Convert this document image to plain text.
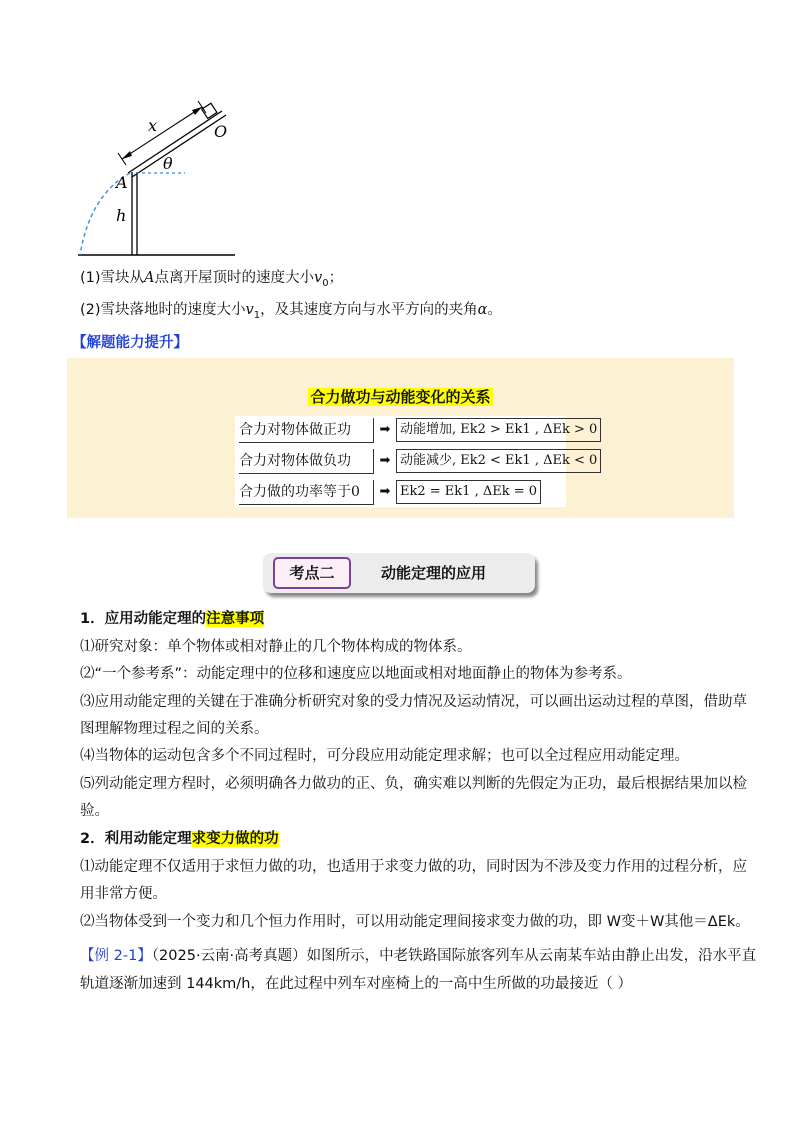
x	O
θ
A
h
(1)雪块从A点离开屋顶时的速度大小$v_0$；
(2)雪块落地时的速度大小$v_1$，及其速度方向与水平方向的夹角α。
【解题能力提升】
合力做功与动能变化的关系
合力对物体做正功	➡ 动能增加, Ek2 > Ek1 , ΔEk > 0
合力对物体做负功	➡ 动能减少, Ek2 < Ek1 , ΔEk < 0
合力做的功率等于0	➡ Ek2 = Ek1 , ΔEk = 0
考点二	动能定理的应用
1．应用动能定理的注意事项
⑴研究对象：单个物体或相对静止的几个物体构成的物体系。
⑵“一个参考系”：动能定理中的位移和速度应以地面或相对地面静止的物体为参考系。
⑶应用动能定理的关键在于准确分析研究对象的受力情况及运动情况，可以画出运动过程的草图，借助草
图理解物理过程之间的关系。
⑷当物体的运动包含多个不同过程时，可分段应用动能定理求解；也可以全过程应用动能定理。
⑸列动能定理方程时，必须明确各力做功的正、负，确实难以判断的先假定为正功，最后根据结果加以检
验。
2．利用动能定理求变力做的功
⑴动能定理不仅适用于求恒力做的功，也适用于求变力做的功，同时因为不涉及变力作用的过程分析，应
用非常方便。
⑵当物体受到一个变力和几个恒力作用时，可以用动能定理间接求变力做的功，即 W变＋W其他＝ΔEk。
【例 2-1】（2025·云南·高考真题）如图所示，中老铁路国际旅客列车从云南某车站由静止出发，沿水平直
轨道逐渐加速到 144km/h，在此过程中列车对座椅上的一高中生所做的功最接近（ ）
